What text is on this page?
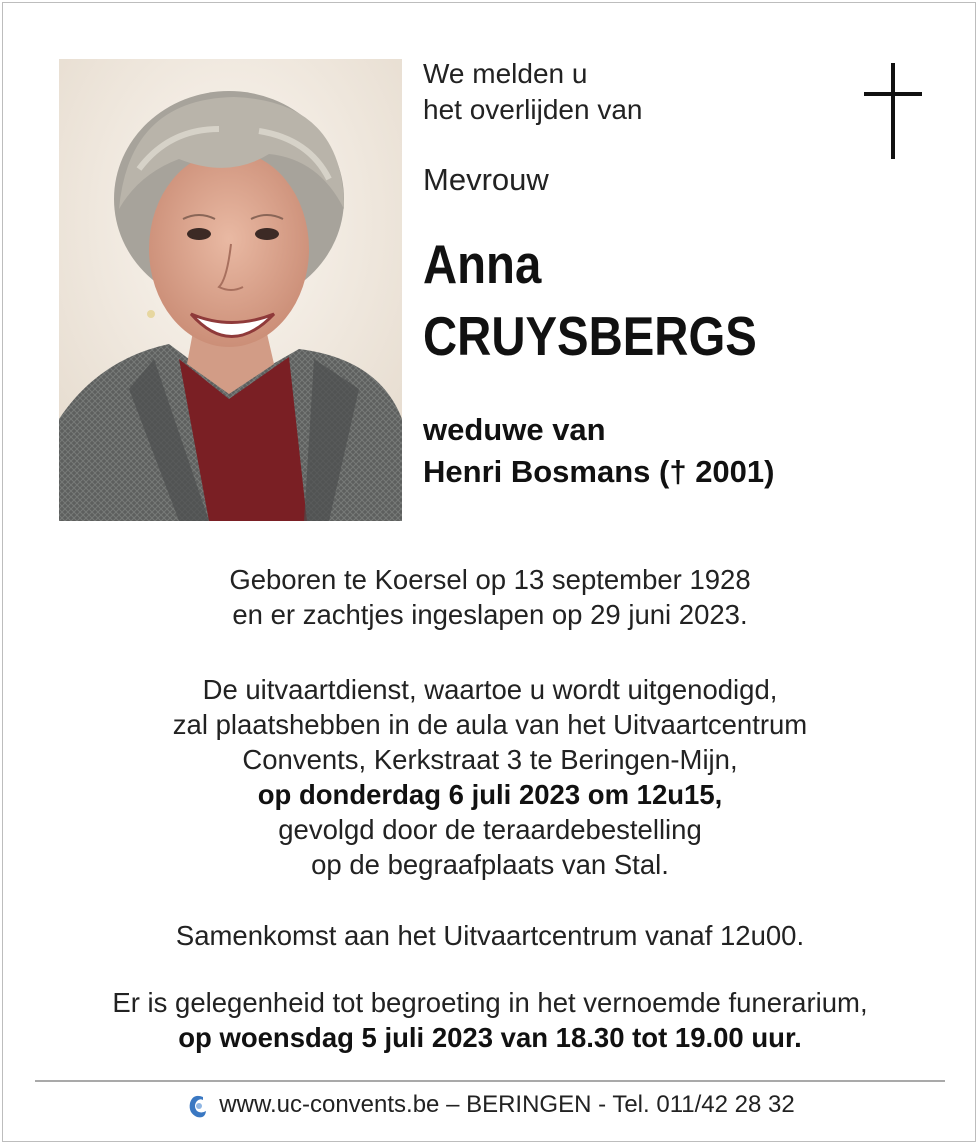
We melden u
het overlijden van
Mevrouw
Anna
CRUYSBERGS
weduwe van
Henri Bosmans († 2001)
Geboren te Koersel op 13 september 1928
en er zachtjes ingeslapen op 29 juni 2023.
De uitvaartdienst, waartoe u wordt uitgenodigd,
zal plaatshebben in de aula van het Uitvaartcentrum
Convents, Kerkstraat 3 te Beringen-Mijn,
op donderdag 6 juli 2023 om 12u15,
gevolgd door de teraardebestelling
op de begraafplaats van Stal.
Samenkomst aan het Uitvaartcentrum vanaf 12u00.
Er is gelegenheid tot begroeting in het vernoemde funerarium,
op woensdag 5 juli 2023 van 18.30 tot 19.00 uur.
www.uc-convents.be – BERINGEN - Tel. 011/42 28 32
